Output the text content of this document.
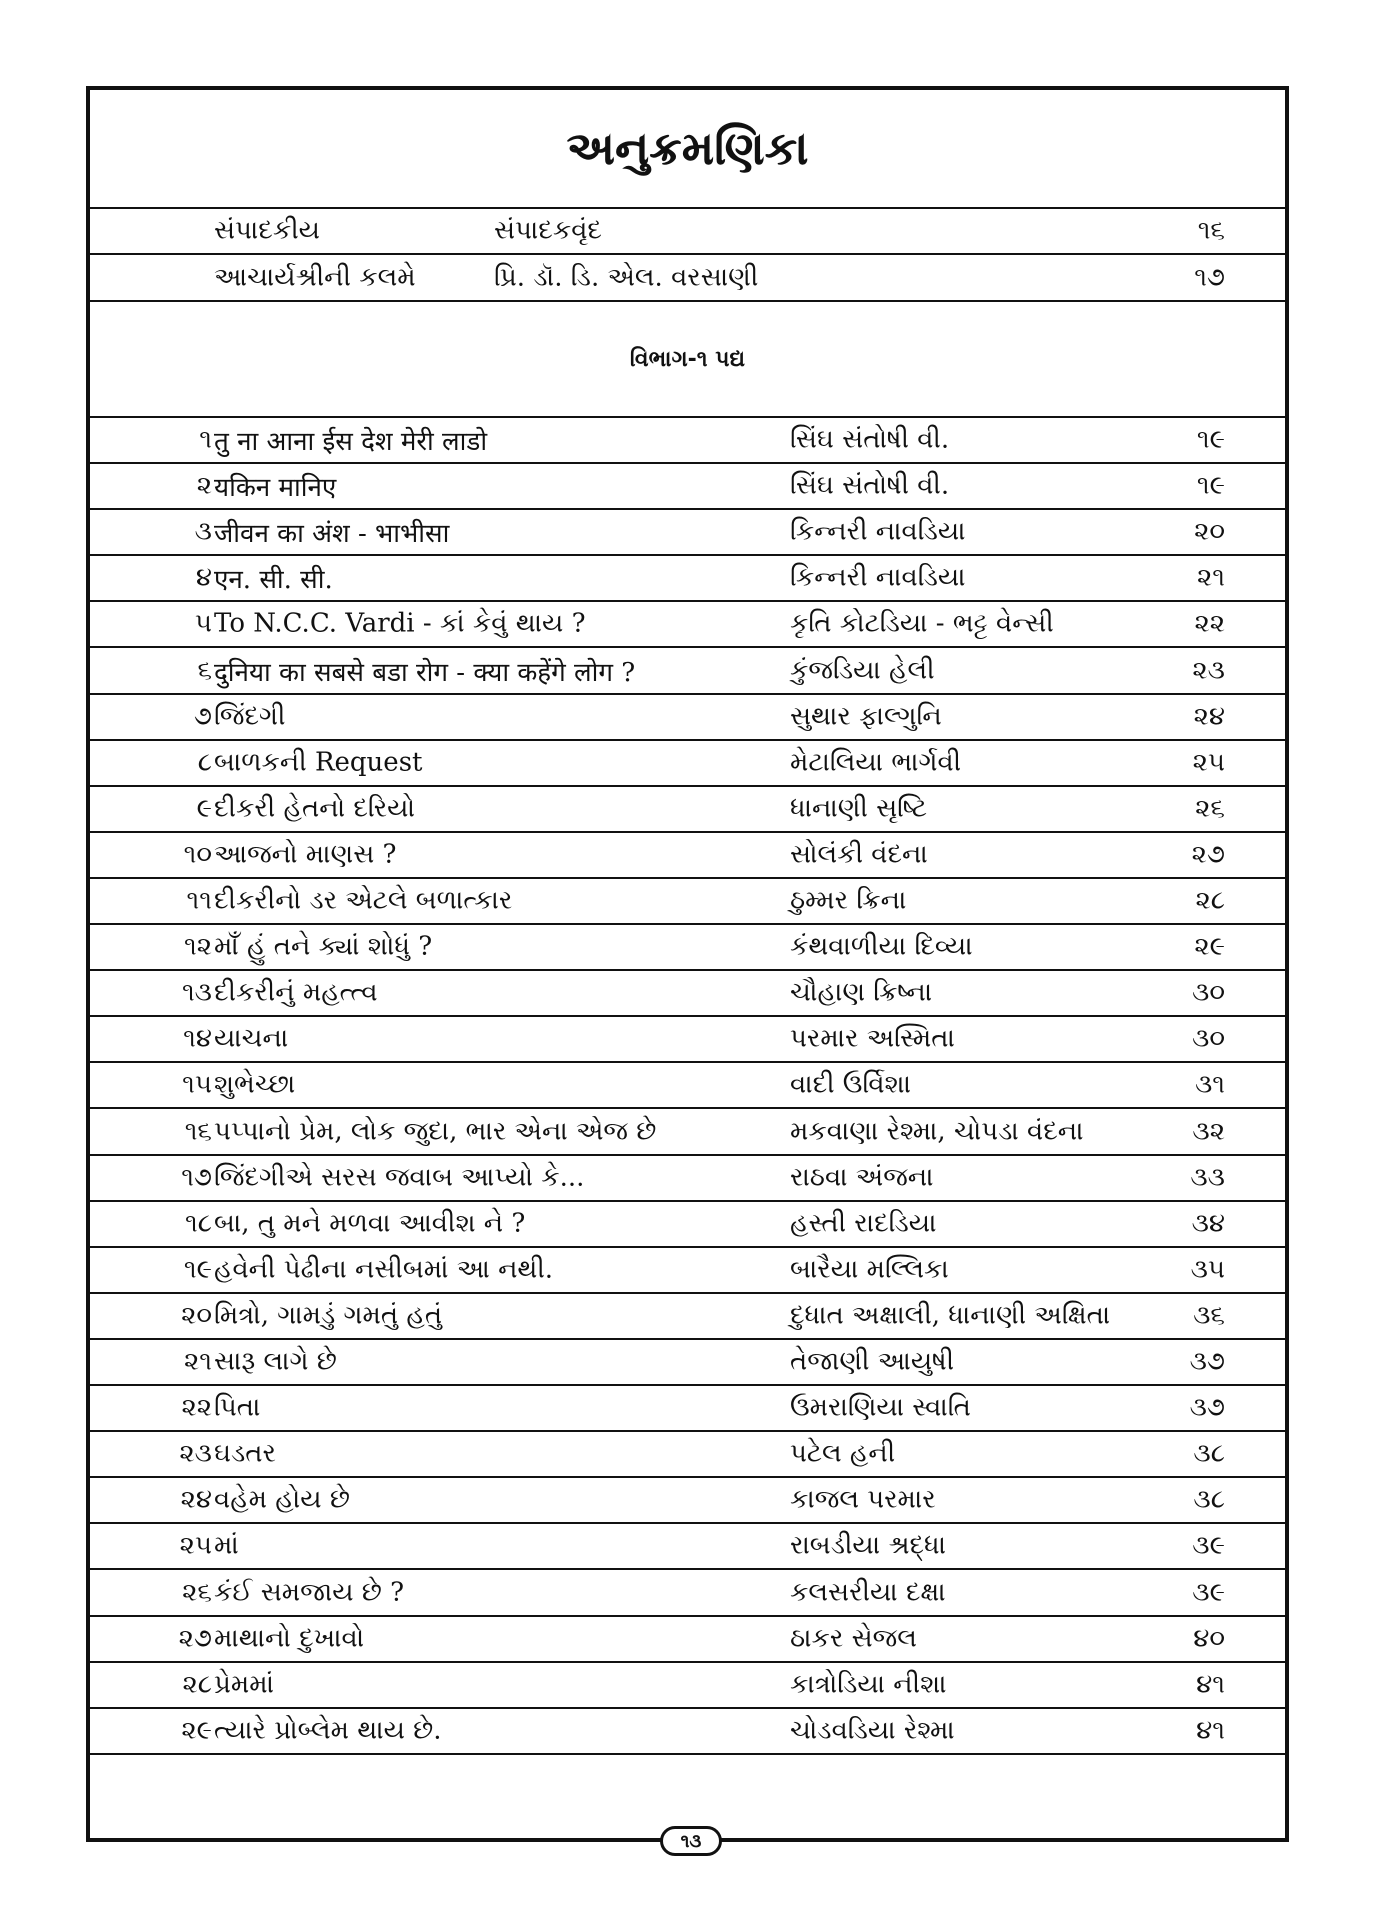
અનુક્રમણિકા
સંપાદકીય	સંપાદકવૃંદ	૧૬
આચાર્યશ્રીની કલમે	પ્રિ. ડૉ. ડિ. એલ. વરસાણી	૧૭
વિભાગ-૧ પદ્ય
૧ तु ना आना ईस देश मेरी लाडो	સિંઘ સંતોષી વી.	૧૯
૨ यकिन मानिए	સિંઘ સંતોષી વી.	૧૯
૩ जीवन का अंश - भाभीसा	કિન્નરી નાવડિયા	૨૦
૪ एन. सी. सी.	કિન્નરી નાવડિયા	૨૧
૫ To N.C.C. Vardi - કાં કેવું થાય ?	કૃતિ કોટડિયા - ભટ્ટ વેન્સી	૨૨
૬ दुनिया का सबसे बडा रोग - क्या कहेंगे लोग ?	કુંજડિયા હેલી	૨૩
૭ જિંદગી	સુથાર ફાલ્ગુનિ	૨૪
૮ બાળકની Request	મેટાલિયા ભાર્ગવી	૨૫
૯ દીકરી હેતનો દરિયો	ધાનાણી સૃષ્ટિ	૨૬
૧૦ આજનો માણસ ?	સોલંકી વંદના	૨૭
૧૧ દીકરીનો ડર એટલે બળાત્કાર	ઠુમ્મર ક્રિના	૨૮
૧૨ માઁ હું તને ક્યાં શોધું ?	કંથવાળીયા દિવ્યા	૨૯
૧૩ દીકરીનું મહત્ત્વ	ચૌહાણ ક્રિષ્ના	૩૦
૧૪ યાચના	પરમાર અસ્મિતા	૩૦
૧૫ શુભેચ્છા	વાદી ઉર્વિશા	૩૧
૧૬ પપ્પાનો પ્રેમ, લોક જુદા, ભાર એના એજ છે	મકવાણા રેશ્મા, ચોપડા વંદના	૩૨
૧૭ જિંદગીએ સરસ જવાબ આપ્યો કે...	રાઠવા અંજના	૩૩
૧૮ બા, તુ મને મળવા આવીશ ને ?	હસ્તી રાદડિયા	૩૪
૧૯ હવેની પેઢીના નસીબમાં આ નથી.	બારૈયા મલ્લિકા	૩૫
૨૦ મિત્રો, ગામડું ગમતું હતું	દુધાત અક્ષાલી, ધાનાણી અક્ષિતા	૩૬
૨૧ સારૂ લાગે છે	તેજાણી આયુષી	૩૭
૨૨ પિતા	ઉમરાણિયા સ્વાતિ	૩૭
૨૩ ઘડતર	પટેલ હની	૩૮
૨૪ વહેમ હોય છે	કાજલ પરમાર	૩૮
૨૫ માં	રાબડીયા શ્રદ્ધા	૩૯
૨૬ કંઈ સમજાય છે ?	કલસરીયા દક્ષા	૩૯
૨૭ માથાનો દુખાવો	ઠાકર સેજલ	૪૦
૨૮ પ્રેમમાં	કાત્રોડિયા નીશા	૪૧
૨૯ ત્યારે પ્રોબ્લેમ થાય છે.	ચોડવડિયા રેશ્મા	૪૧
૧૩
